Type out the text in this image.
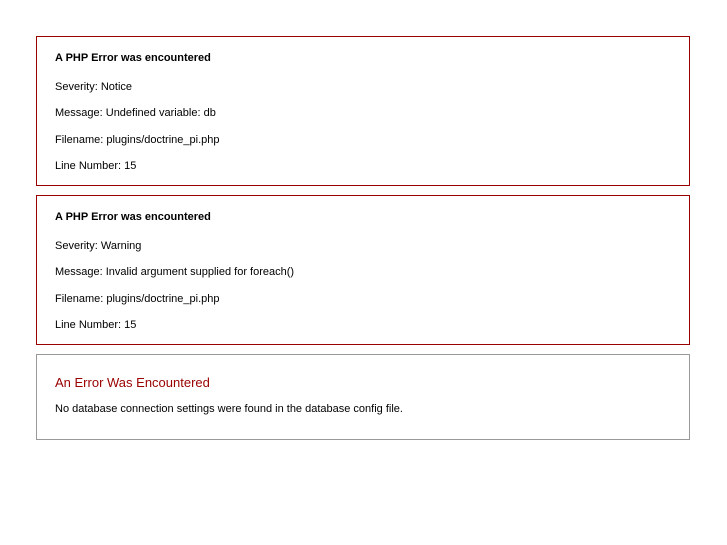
A PHP Error was encountered

Severity: Notice

Message: Undefined variable: db

Filename: plugins/doctrine_pi.php

Line Number: 15

A PHP Error was encountered

Severity: Warning

Message: Invalid argument supplied for foreach()

Filename: plugins/doctrine_pi.php

Line Number: 15

An Error Was Encountered

No database connection settings were found in the database config file.
